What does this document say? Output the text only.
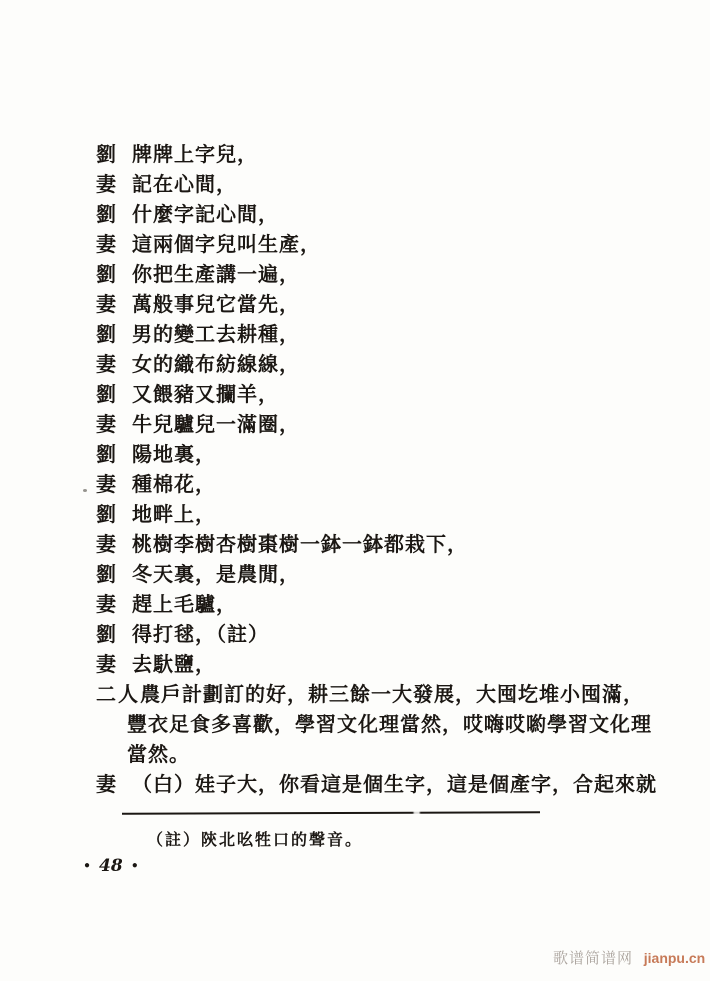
劉 牌牌上字兒，
妻 記在心間，
劉 什麼字記心間，
妻 這兩個字兒叫生產，
劉 你把生產講一遍，
妻 萬般事兒它當先，
劉 男的變工去耕種，
妻 女的織布紡線線，
劉 又餵豬又攔羊，
妻 牛兒驢兒一滿圈，
劉 陽地裏，
妻 種棉花，
劉 地畔上，
妻 桃樹李樹杏樹棗樹一鉢一鉢都栽下，
劉 冬天裏，是農閒，
妻 趕上毛驢，
劉 得打毬，（註）
妻 去馱鹽，
二人 農戶計劃訂的好，耕三餘一大發展，大囤圪堆小囤滿，
豐衣足食多喜歡，學習文化理當然，哎嗨哎喲學習文化理
當然。
妻 （白）娃子大，你看這是個生字，這是個產字，合起來就
（註）陝北吆牲口的聲音。
● 48 ●
歌谱简谱网 jianpu.cn
